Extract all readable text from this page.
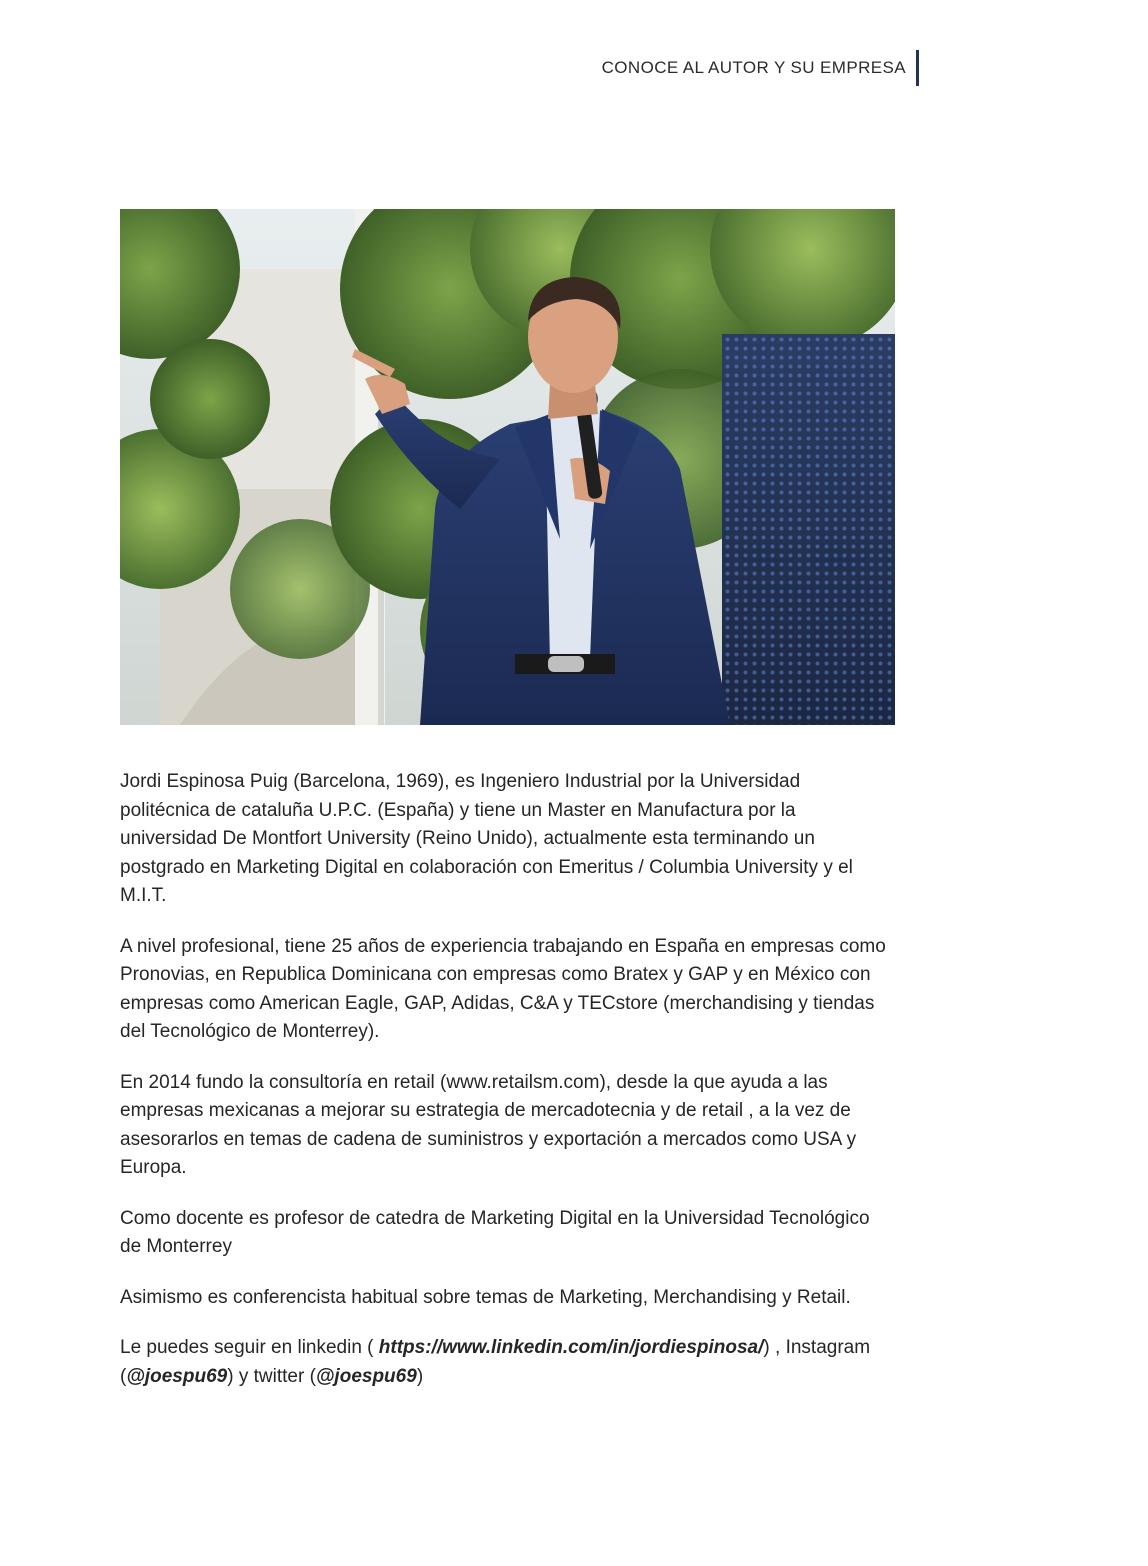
CONOCE AL AUTOR Y SU EMPRESA

Jordi Espinosa Puig (Barcelona, 1969), es Ingeniero Industrial por la Universidad politécnica de cataluña U.P.C. (España) y tiene un Master en Manufactura por la universidad De Montfort University (Reino Unido), actualmente esta terminando un postgrado en Marketing Digital en colaboración con Emeritus / Columbia University y el M.I.T.

A nivel profesional, tiene 25 años de experiencia trabajando en España en empresas como Pronovias, en Republica Dominicana con empresas como Bratex y GAP y en México con empresas como American Eagle, GAP, Adidas, C&A y TECstore (merchandising y tiendas del Tecnológico de Monterrey).

En 2014 fundo la consultoría en retail (www.retailsm.com), desde la que ayuda a las empresas mexicanas a mejorar su estrategia de mercadotecnia y de retail , a la vez de asesorarlos en temas de cadena de suministros y exportación a mercados como USA y Europa.

Como docente es profesor de catedra de Marketing Digital en la Universidad Tecnológico de Monterrey

Asimismo es conferencista habitual sobre temas de Marketing, Merchandising y Retail.

Le puedes seguir en linkedin ( https://www.linkedin.com/in/jordiespinosa/) , Instagram (@joespu69) y twitter (@joespu69)
